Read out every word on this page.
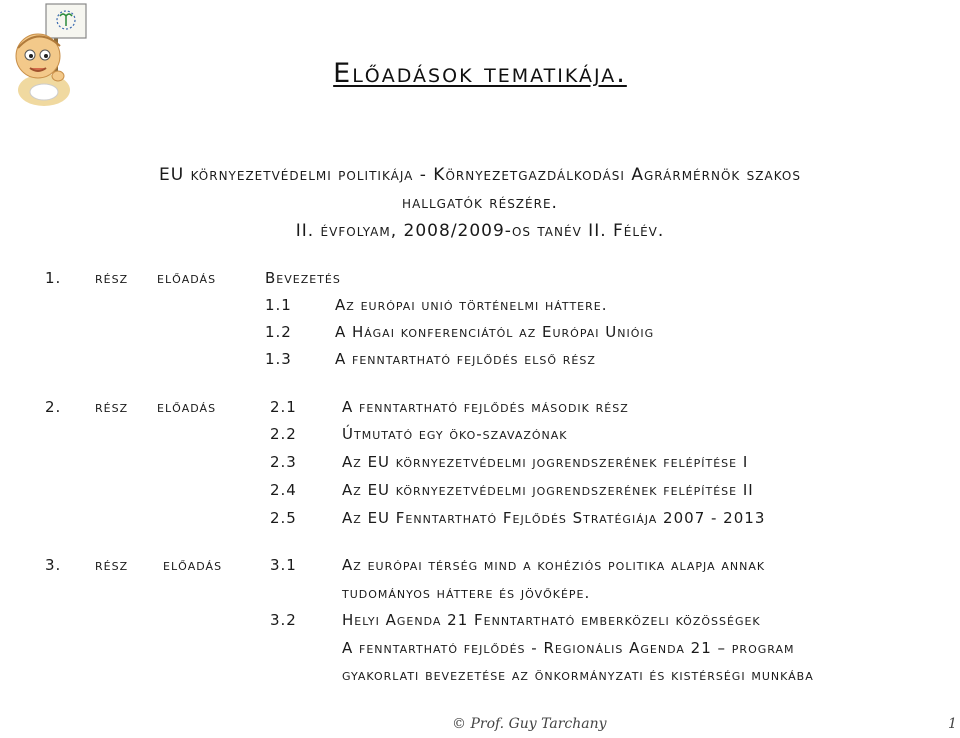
Előadások tematikája.
EU környezetvédelmi politikája - Környezetgazdálkodási Agrármérnök szakos
hallgatók részére.
II. évfolyam, 2008/2009-os tanév II. Félév.
1. rész előadás	Bevezetés
1.1	Az európai unió történelmi háttere.
1.2	A Hágai konferenciától az Európai Unióig
1.3	A fenntartható fejlődés első rész
2. rész előadás	2.1	A fenntartható fejlődés második rész
2.2	Útmutató egy öko-szavazónak
2.3	Az EU környezetvédelmi jogrendszerének felépítése I
2.4	Az EU környezetvédelmi jogrendszerének felépítése II
2.5	Az EU Fenntartható Fejlődés Stratégiája 2007 - 2013
3. rész előadás	3.1	Az európai térség mind a kohéziós politika alapja annak
tudományos háttere és jövőképe.
3.2	Helyi Agenda 21 Fenntartható emberközeli közösségek
A fenntartható fejlődés - Regionális Agenda 21 – program
gyakorlati bevezetése az önkormányzati és kistérségi munkába
© Prof. Guy Tarchany	1
